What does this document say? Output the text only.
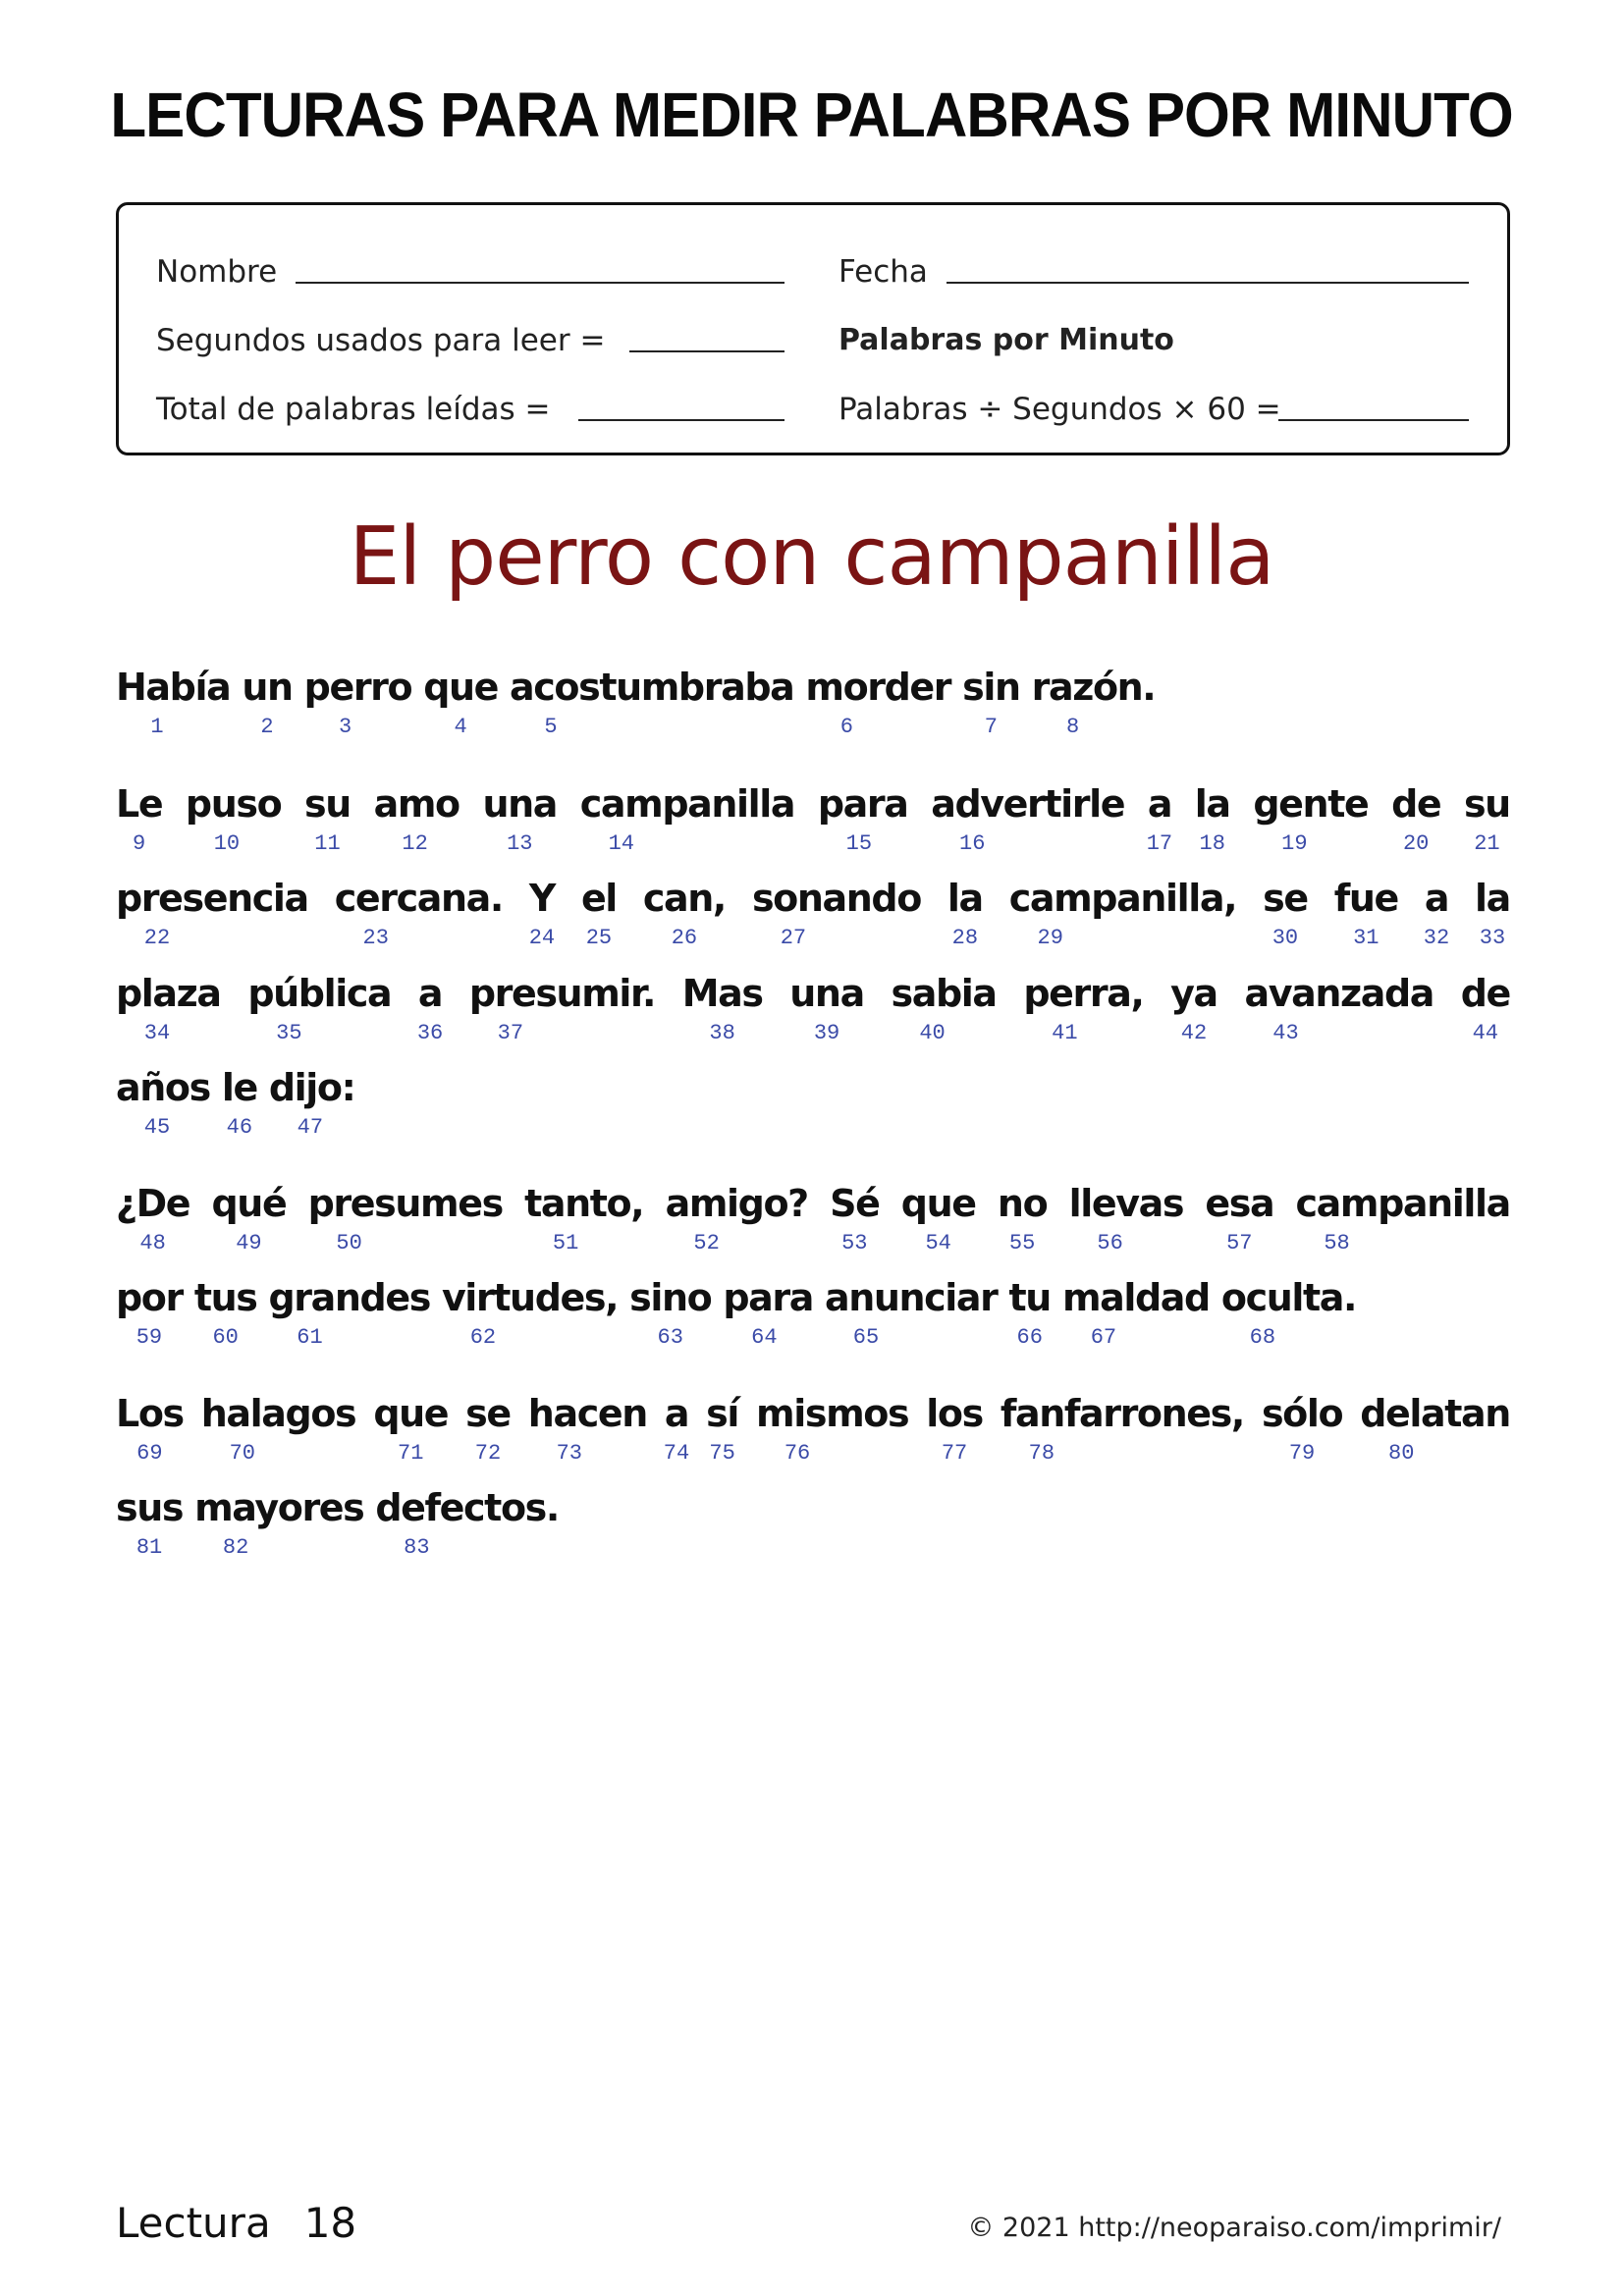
LECTURAS PARA MEDIR PALABRAS POR MINUTO
Nombre	Fecha
Segundos usados para leer =	Palabras por Minuto
Total de palabras leídas =	Palabras ÷ Segundos × 60 =
El perro con campanilla
Había un perro que acostumbraba morder sin razón.
1	2	3	4	5	6	7	8
Le puso su amo una campanilla para advertirle a la gente de su
9	10	11	12	13	14	15	16	17 18	19	20 21
presencia cercana. Y el can, sonando la campanilla, se fue a la
22	23	24 25	26	27	28	29	30	31 32 33
plaza pública a presumir. Mas una sabia perra, ya avanzada de
34	35	36	37	38	39	40	41	42	43	44
años le dijo:
45	46 47
¿De qué presumes tanto, amigo? Sé que no llevas esa campanilla
48	49	50	51	52	53	54	55	56	57	58
por tus grandes virtudes, sino para anunciar tu maldad oculta.
59 60	61	62	63	64	65	66 67	68
Los halagos que se hacen a sí mismos los fanfarrones, sólo delatan
69	70	71 72	73	74 75 76	77	78	79	80
sus mayores defectos.
81	82	83
Lectura 18	© 2021 http://neoparaiso.com/imprimir/
